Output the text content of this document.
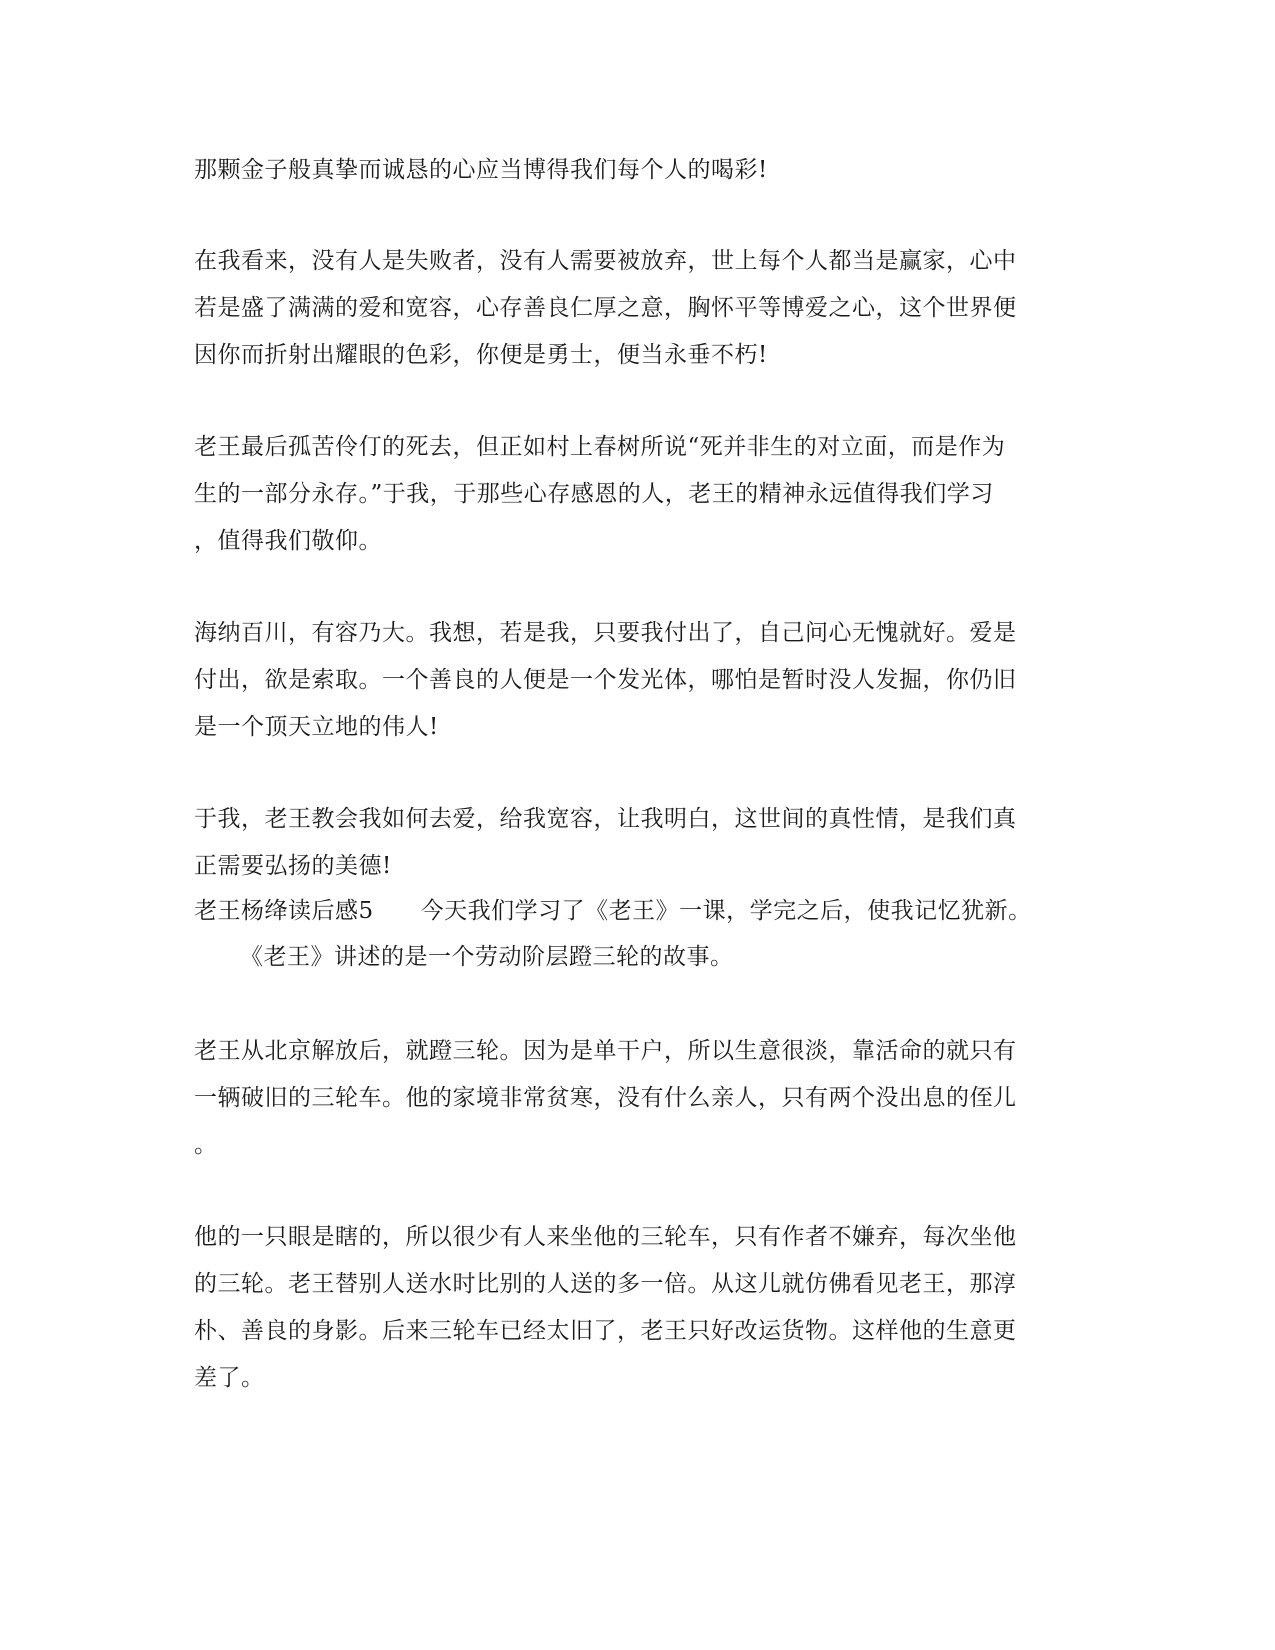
那颗金子般真挚而诚恳的心应当博得我们每个人的喝彩!
在我看来，没有人是失败者，没有人需要被放弃，世上每个人都当是赢家，心中
若是盛了满满的爱和宽容，心存善良仁厚之意，胸怀平等博爱之心，这个世界便
因你而折射出耀眼的色彩，你便是勇士，便当永垂不朽!
老王最后孤苦伶仃的死去，但正如村上春树所说“死并非生的对立面，而是作为
生的一部分永存。”于我，于那些心存感恩的人，老王的精神永远值得我们学习
，值得我们敬仰。
海纳百川，有容乃大。我想，若是我，只要我付出了，自己问心无愧就好。爱是
付出，欲是索取。一个善良的人便是一个发光体，哪怕是暂时没人发掘，你仍旧
是一个顶天立地的伟人!
于我，老王教会我如何去爱，给我宽容，让我明白，这世间的真性情，是我们真
正需要弘扬的美德!
老王杨绛读后感5　　今天我们学习了《老王》一课，学完之后，使我记忆犹新。
《老王》讲述的是一个劳动阶层蹬三轮的故事。
老王从北京解放后，就蹬三轮。因为是单干户，所以生意很淡，靠活命的就只有
一辆破旧的三轮车。他的家境非常贫寒，没有什么亲人，只有两个没出息的侄儿
。
他的一只眼是瞎的，所以很少有人来坐他的三轮车，只有作者不嫌弃，每次坐他
的三轮。老王替别人送水时比别的人送的多一倍。从这儿就仿佛看见老王，那淳
朴、善良的身影。后来三轮车已经太旧了，老王只好改运货物。这样他的生意更
差了。
